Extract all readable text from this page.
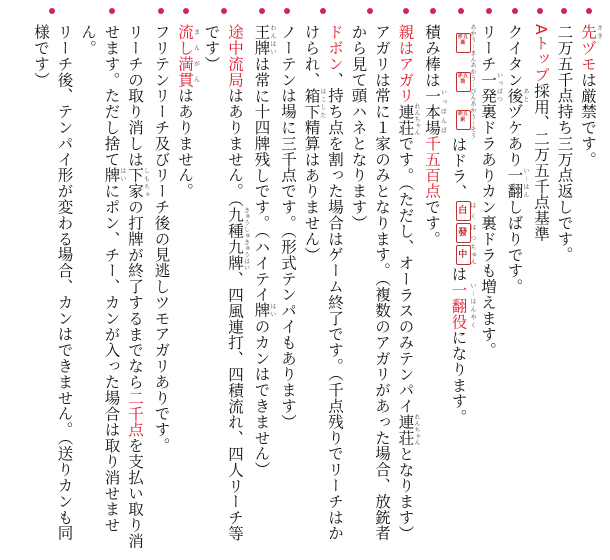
先さきヅモは厳禁です。

二万五千点持ち三万点返しです。

Aトップ採用、二万五千点基準

クイタン後あとヅケあり一翻い－はんしばりです。

リーチ一発いっぱつ裏ドラありカン裏ドラも増えます。

赤五萬 あかう－まん
赤五筒 あかう－ぴん
赤五索 あかう－そうはドラ、白 はく發 はつ中 ちゅんは一翻役 い－はんやくになります。

積み棒は一本場いっぽんば千五百点です。

親はアガリ連荘れんちゃんです。（ただし、オーラスのみテンパイ連荘れんちゃんとなります）

アガリは常に１家のみとなります。（複数のアガリがあった場合、放銃者から見て頭ハネとなります）

ドボン、持ち点を割った場合はゲーム終了です。（千点残りでリーチはかけられ、箱下はこした精算はありません）

ノーテンは場に三千点です。（形式テンパイもあります）

王牌わんはいは常に十四牌残しです。（ハイテイ牌はいのカンはできません）

途中流局はありません。（九種九牌きゅうしゅきゅうはい、四風連打、四積流れ、四人リーチ等です）

流し満貫まんがんはありません。

フリテンリーチ及びリーチ後の見逃しツモアガリありです。

リーチの取り消しは下家しもちゃの打牌が終了するまでなら二千点を支払い取り消せます。ただし捨て牌はいにポン、チー、カンが入った場合は取り消せません。

リーチ後、テンパイ形が変わる場合、カンはできません。（送りカンも同様です）
